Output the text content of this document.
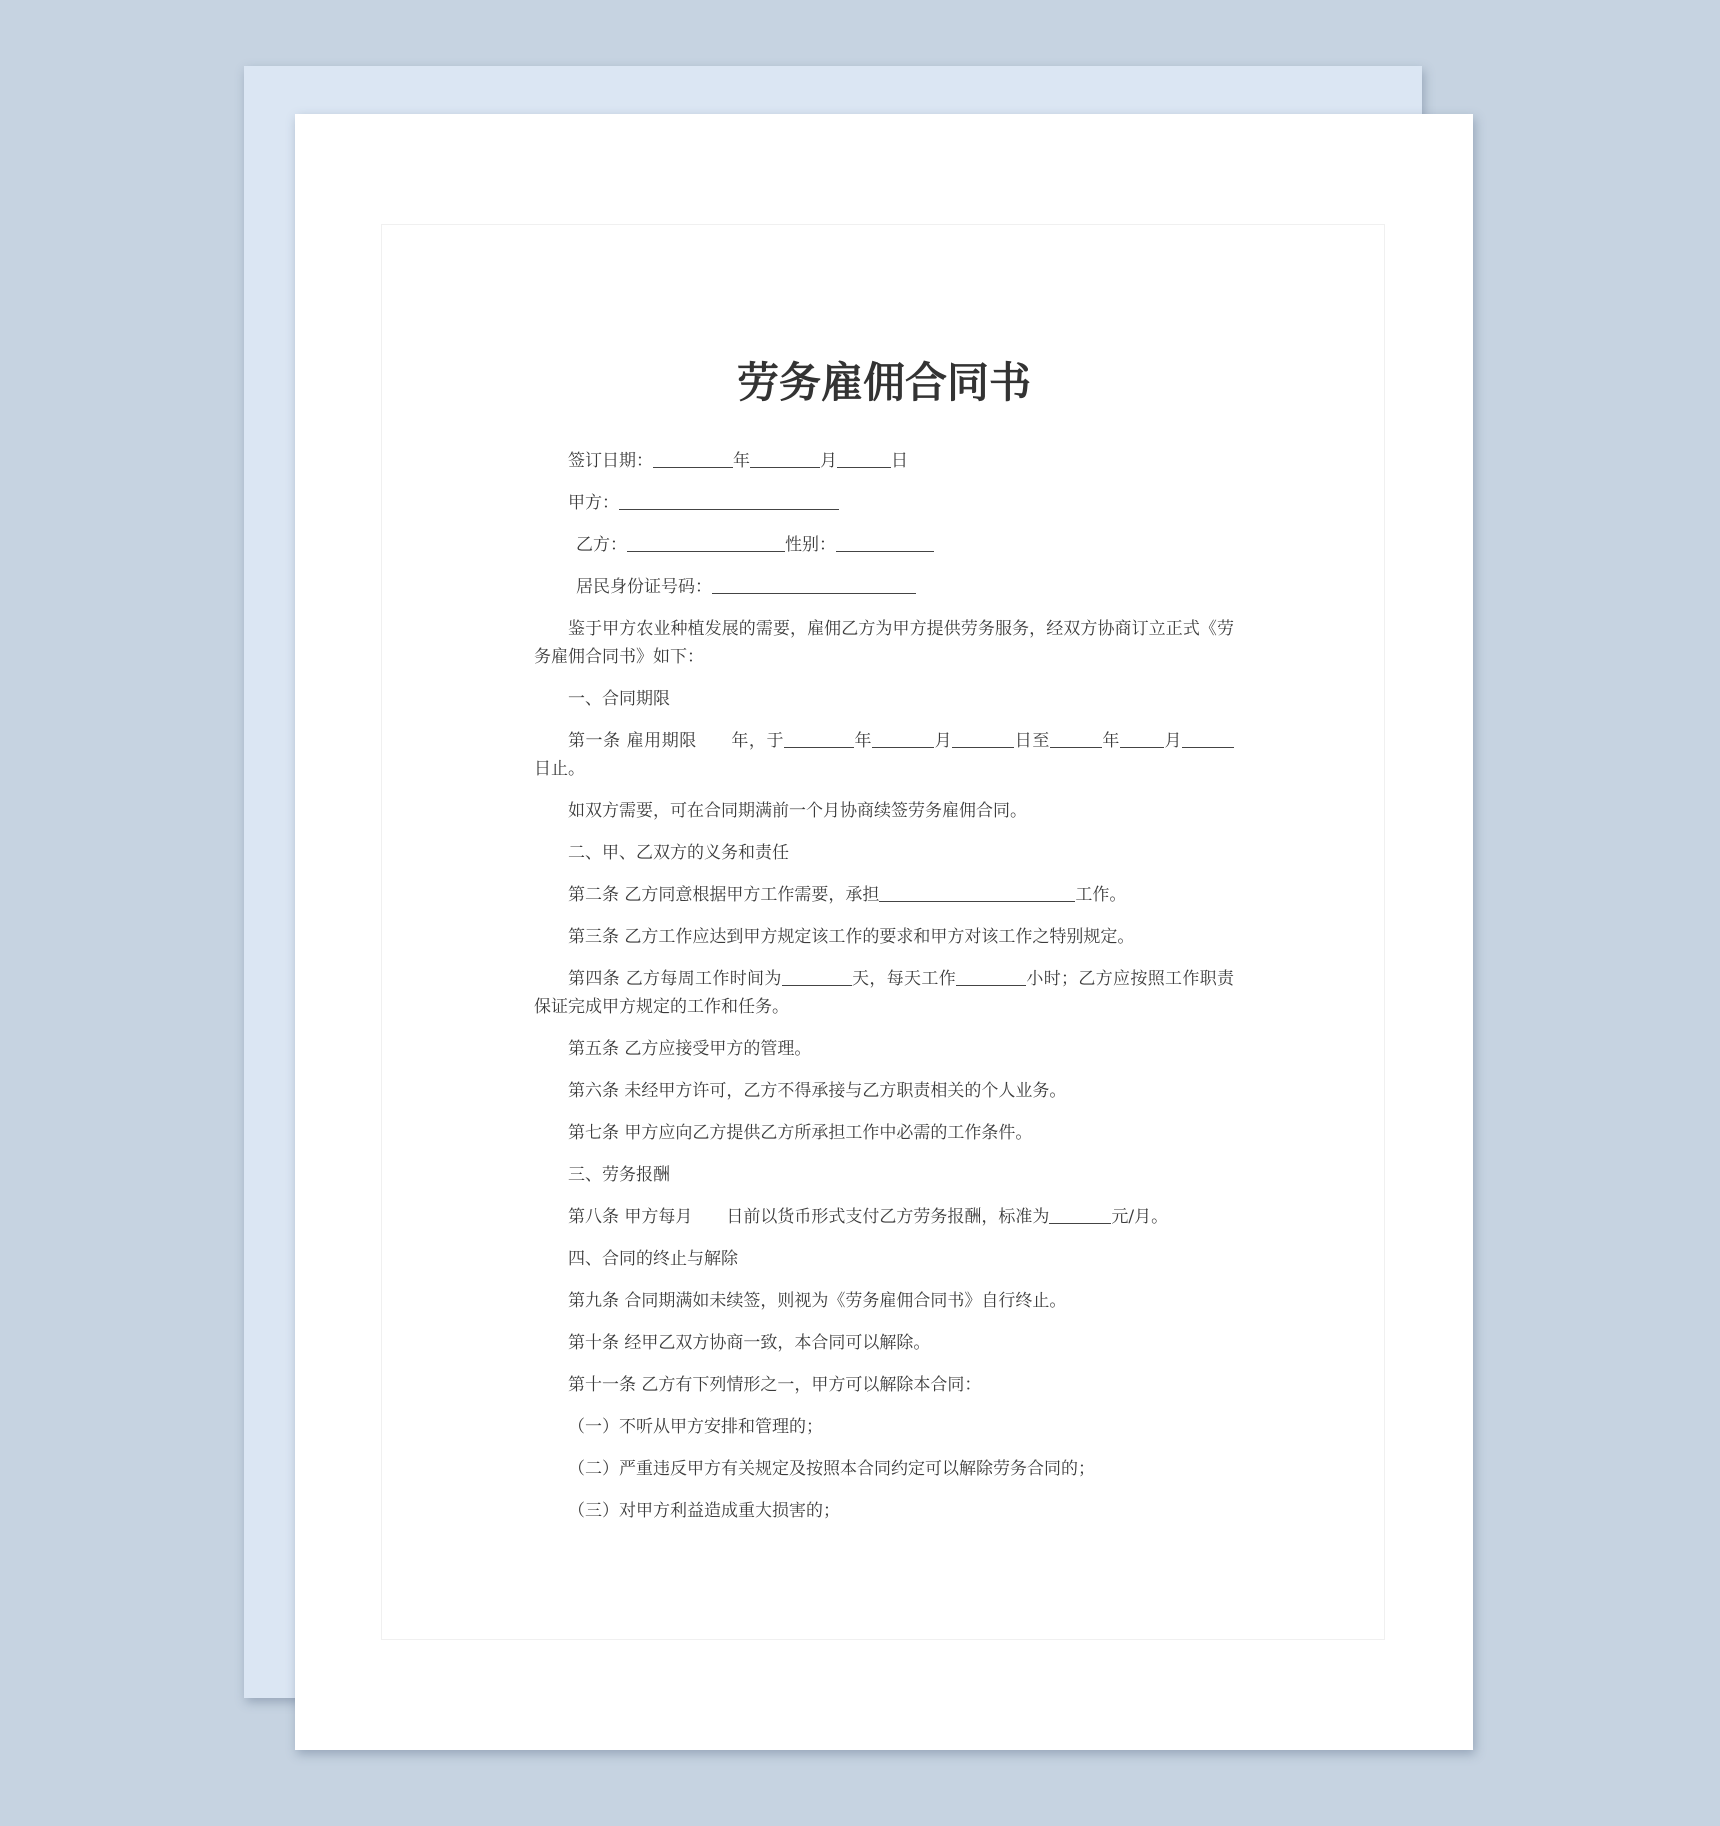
劳务雇佣合同书
签订日期：	年	月	日
甲方：
乙方：	性别：
居民身份证号码：

鉴于甲方农业种植发展的需要，雇佣乙方为甲方提供劳务服务，经双方协商订立正式《劳务雇佣合同书》如下：

一、合同期限

第一条 雇用期限 年，于	年	月	日至	年	月日止。

如双方需要，可在合同期满前一个月协商续签劳务雇佣合同。
二、甲、乙双方的义务和责任
第二条 乙方同意根据甲方工作需要，承担	工作。
第三条 乙方工作应达到甲方规定该工作的要求和甲方对该工作之特别规定。

第四条 乙方每周工作时间为	天，每天工作	小时；乙方应按照工作职责保证完成甲方规定的工作和任务。

第五条 乙方应接受甲方的管理。
第六条 未经甲方许可，乙方不得承接与乙方职责相关的个人业务。
第七条 甲方应向乙方提供乙方所承担工作中必需的工作条件。
三、劳务报酬
第八条 甲方每月 日前以货币形式支付乙方劳务报酬，标准为	元/月。
四、合同的终止与解除
第九条 合同期满如未续签，则视为《劳务雇佣合同书》自行终止。
第十条 经甲乙双方协商一致，本合同可以解除。
第十一条 乙方有下列情形之一，甲方可以解除本合同：
（一）不听从甲方安排和管理的；
（二）严重违反甲方有关规定及按照本合同约定可以解除劳务合同的；
（三）对甲方利益造成重大损害的；
